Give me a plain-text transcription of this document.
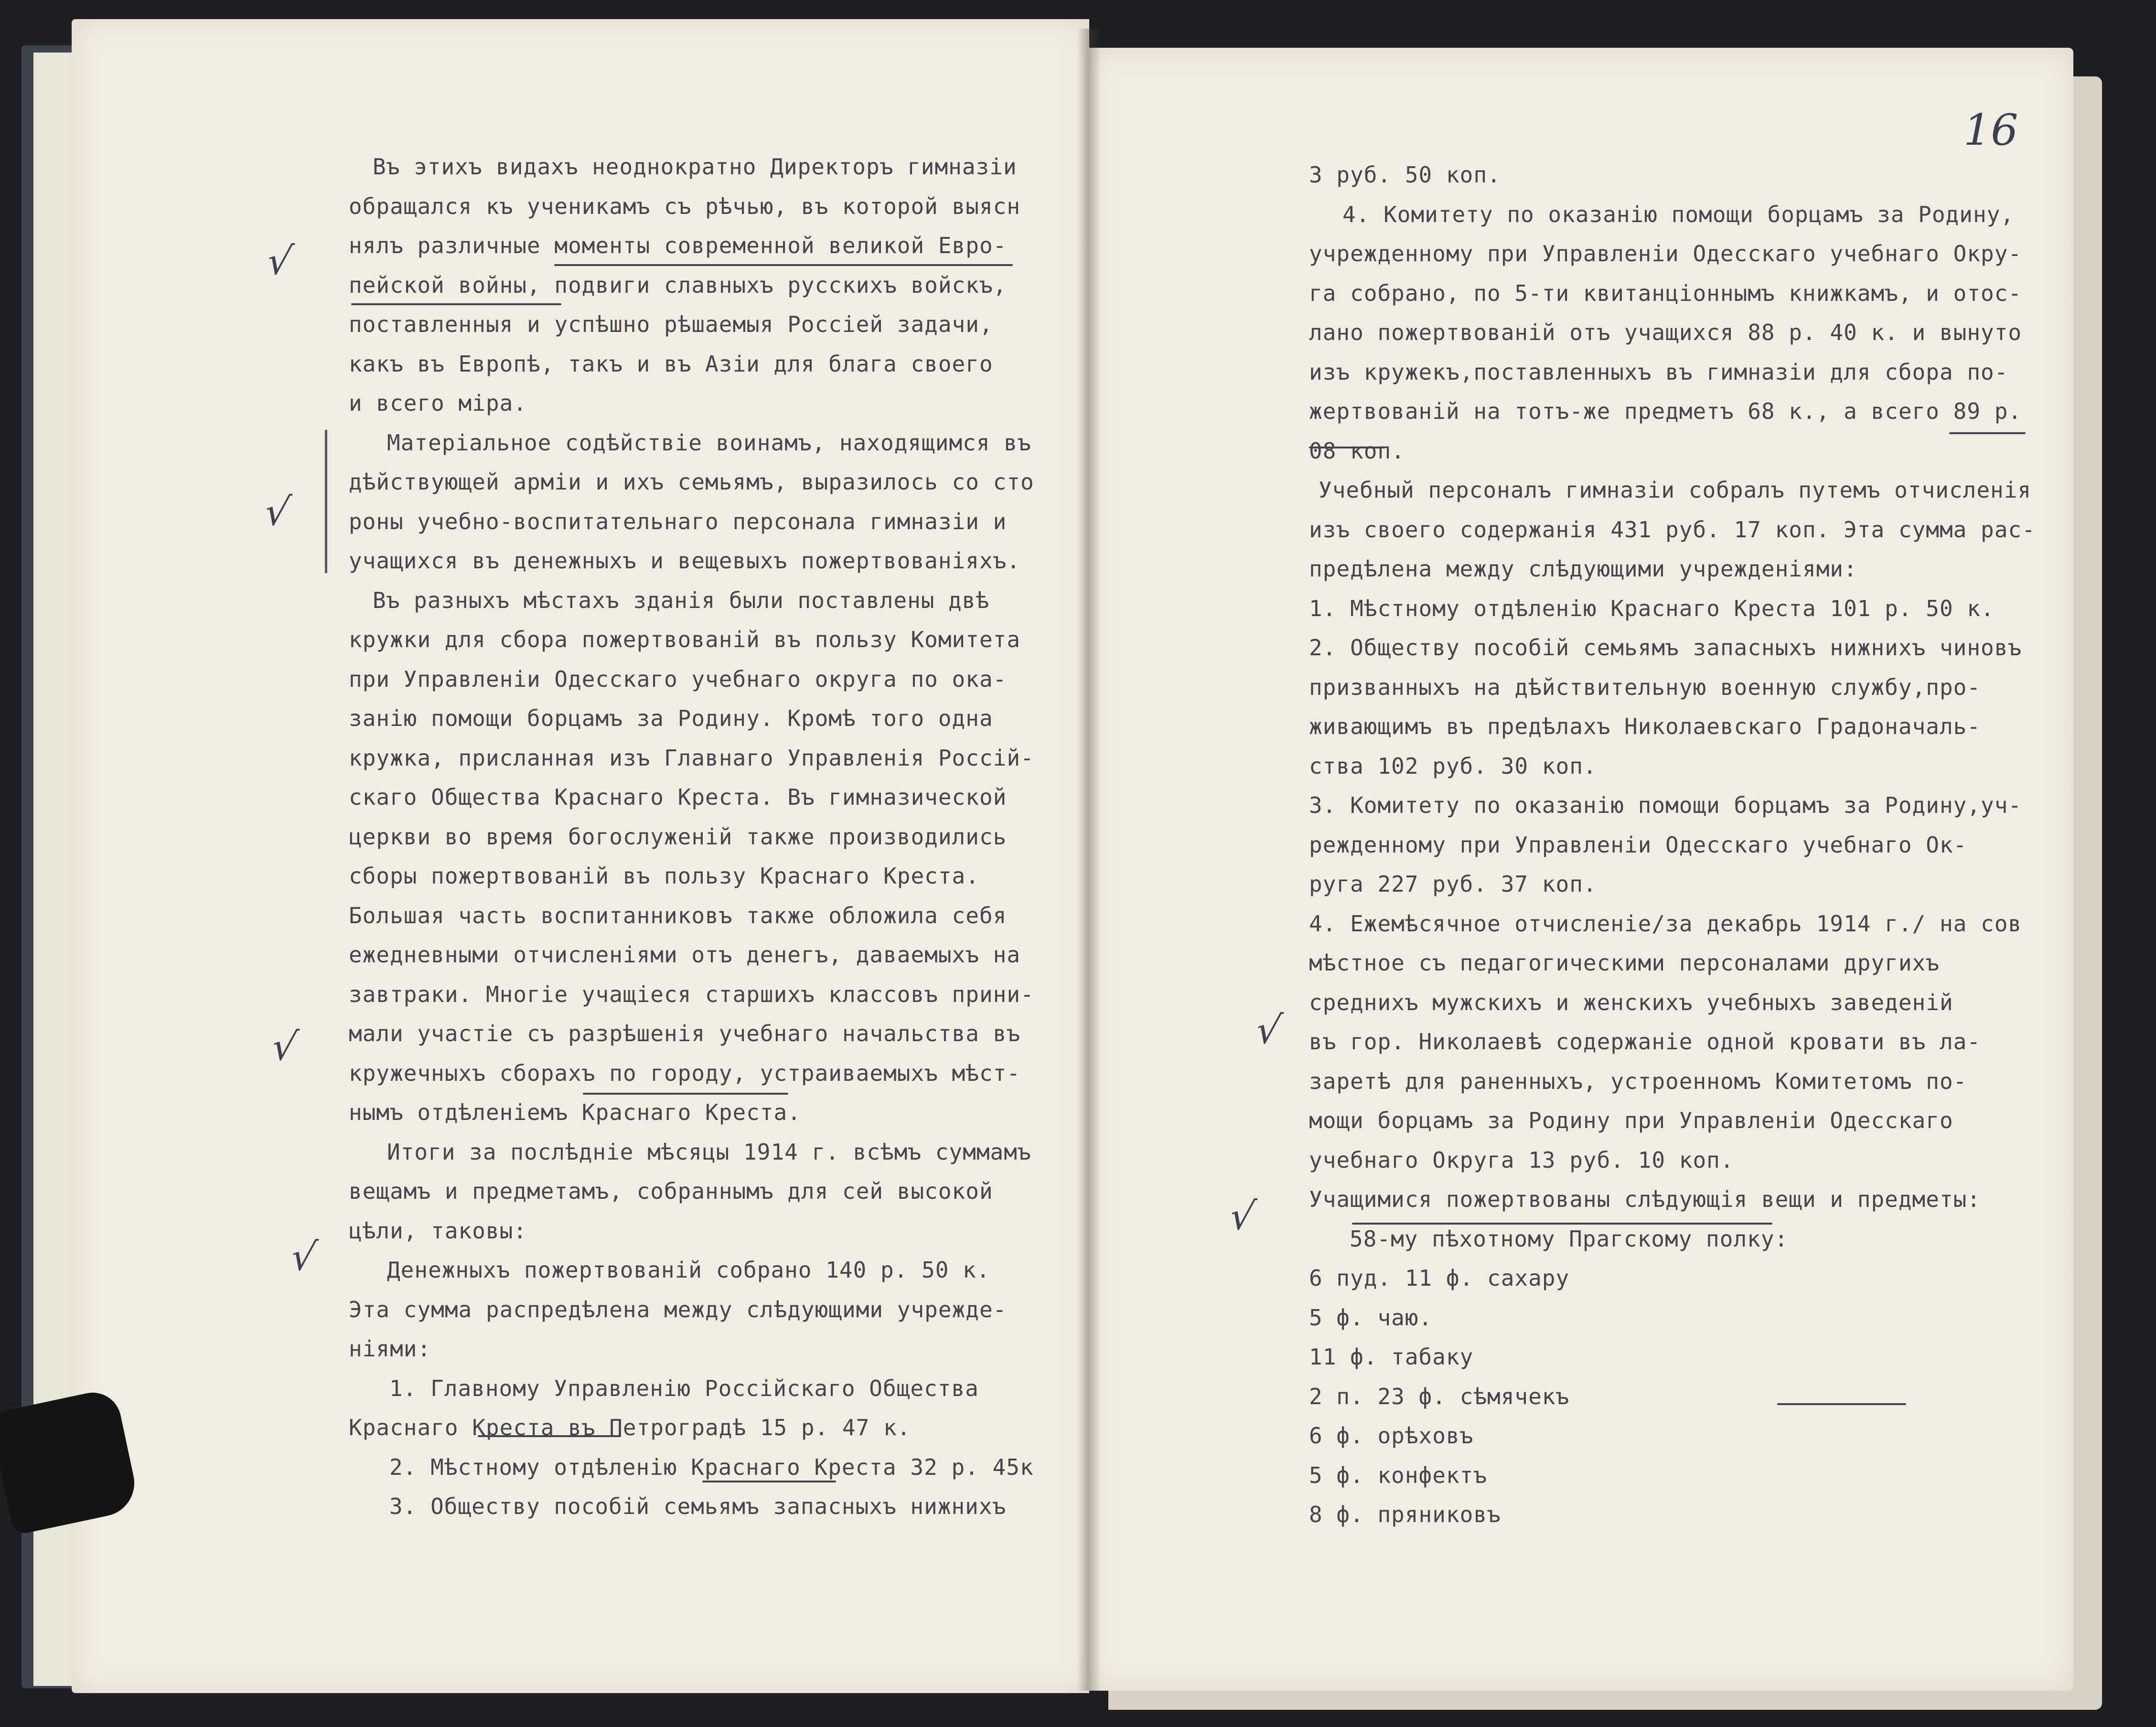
√
√
√
√
√
√
16
Въ этихъ видахъ неоднократно Директоръ гимназіи
обращался къ ученикамъ съ рѣчью, въ которой выясн
нялъ различные моменты современной великой Евро-
пейской войны, подвиги славныхъ русскихъ войскъ,
поставленныя и успѣшно рѣшаемыя Россіей задачи,
какъ въ Европѣ, такъ и въ Азіи для блага своего
и всего міра.
Матеріальное содѣйствіе воинамъ, находящимся въ
дѣйствующей арміи и ихъ семьямъ, выразилось со сто
роны учебно-воспитательнаго персонала гимназіи и
учащихся въ денежныхъ и вещевыхъ пожертвованіяхъ.
Въ разныхъ мѣстахъ зданія были поставлены двѣ
кружки для сбора пожертвованій въ пользу Комитета
при Управленіи Одесскаго учебнаго округа по ока-
занію помощи борцамъ за Родину. Кромѣ того одна
кружка, присланная изъ Главнаго Управленія Россій-
скаго Общества Краснаго Креста. Въ гимназической
церкви во время богослуженій также производились
сборы пожертвованій въ пользу Краснаго Креста.
Большая часть воспитанниковъ также обложила себя
ежедневными отчисленіями отъ денегъ, даваемыхъ на
завтраки. Многіе учащіеся старшихъ классовъ прини-
мали участіе съ разрѣшенія учебнаго начальства въ
кружечныхъ сборахъ по городу, устраиваемыхъ мѣст-
нымъ отдѣленіемъ Краснаго Креста.
Итоги за послѣдніе мѣсяцы 1914 г. всѣмъ суммамъ
вещамъ и предметамъ, собраннымъ для сей высокой
цѣли, таковы:
Денежныхъ пожертвованій собрано 140 р. 50 к.
Эта сумма распредѣлена между слѣдующими учрежде-
ніями:
1. Главному Управленію Россійскаго Общества
Краснаго Креста въ Петроградѣ 15 р. 47 к.
2. Мѣстному отдѣленію Краснаго Креста 32 р. 45к
3. Обществу пособій семьямъ запасныхъ нижнихъ
3 руб. 50 коп.
4. Комитету по оказанію помощи борцамъ за Родину,
учрежденному при Управленіи Одесскаго учебнаго Окру-
га собрано, по 5-ти квитанціоннымъ книжкамъ, и отос-
лано пожертвованій отъ учащихся 88 р. 40 к. и вынуто
изъ кружекъ,поставленныхъ въ гимназіи для сбора по-
жертвованій на тотъ-же предметъ 68 к., а всего 89 р.
08 коп.
Учебный персоналъ гимназіи собралъ путемъ отчисленія
изъ своего содержанія 431 руб. 17 коп. Эта сумма рас-
предѣлена между слѣдующими учрежденіями:
1. Мѣстному отдѣленію Краснаго Креста 101 р. 50 к.
2. Обществу пособій семьямъ запасныхъ нижнихъ чиновъ
призванныхъ на дѣйствительную военную службу,про-
живающимъ въ предѣлахъ Николаевскаго Градоначаль-
ства 102 руб. 30 коп.
3. Комитету по оказанію помощи борцамъ за Родину,уч-
режденному при Управленіи Одесскаго учебнаго Ок-
руга 227 руб. 37 коп.
4. Ежемѣсячное отчисленіе/за декабрь 1914 г./ на сов
мѣстное съ педагогическими персоналами другихъ
среднихъ мужскихъ и женскихъ учебныхъ заведеній
въ гор. Николаевѣ содержаніе одной кровати въ ла-
заретѣ для раненныхъ, устроенномъ Комитетомъ по-
мощи борцамъ за Родину при Управленіи Одесскаго
учебнаго Округа 13 руб. 10 коп.
Учащимися пожертвованы слѣдующія вещи и предметы:
58-му пѣхотному Прагскому полку:
6 пуд. 11 ф. сахару
5 ф. чаю.
11 ф. табаку
2 п. 23 ф. сѣмячекъ
6 ф. орѣховъ
5 ф. конфектъ
8 ф. пряниковъ
